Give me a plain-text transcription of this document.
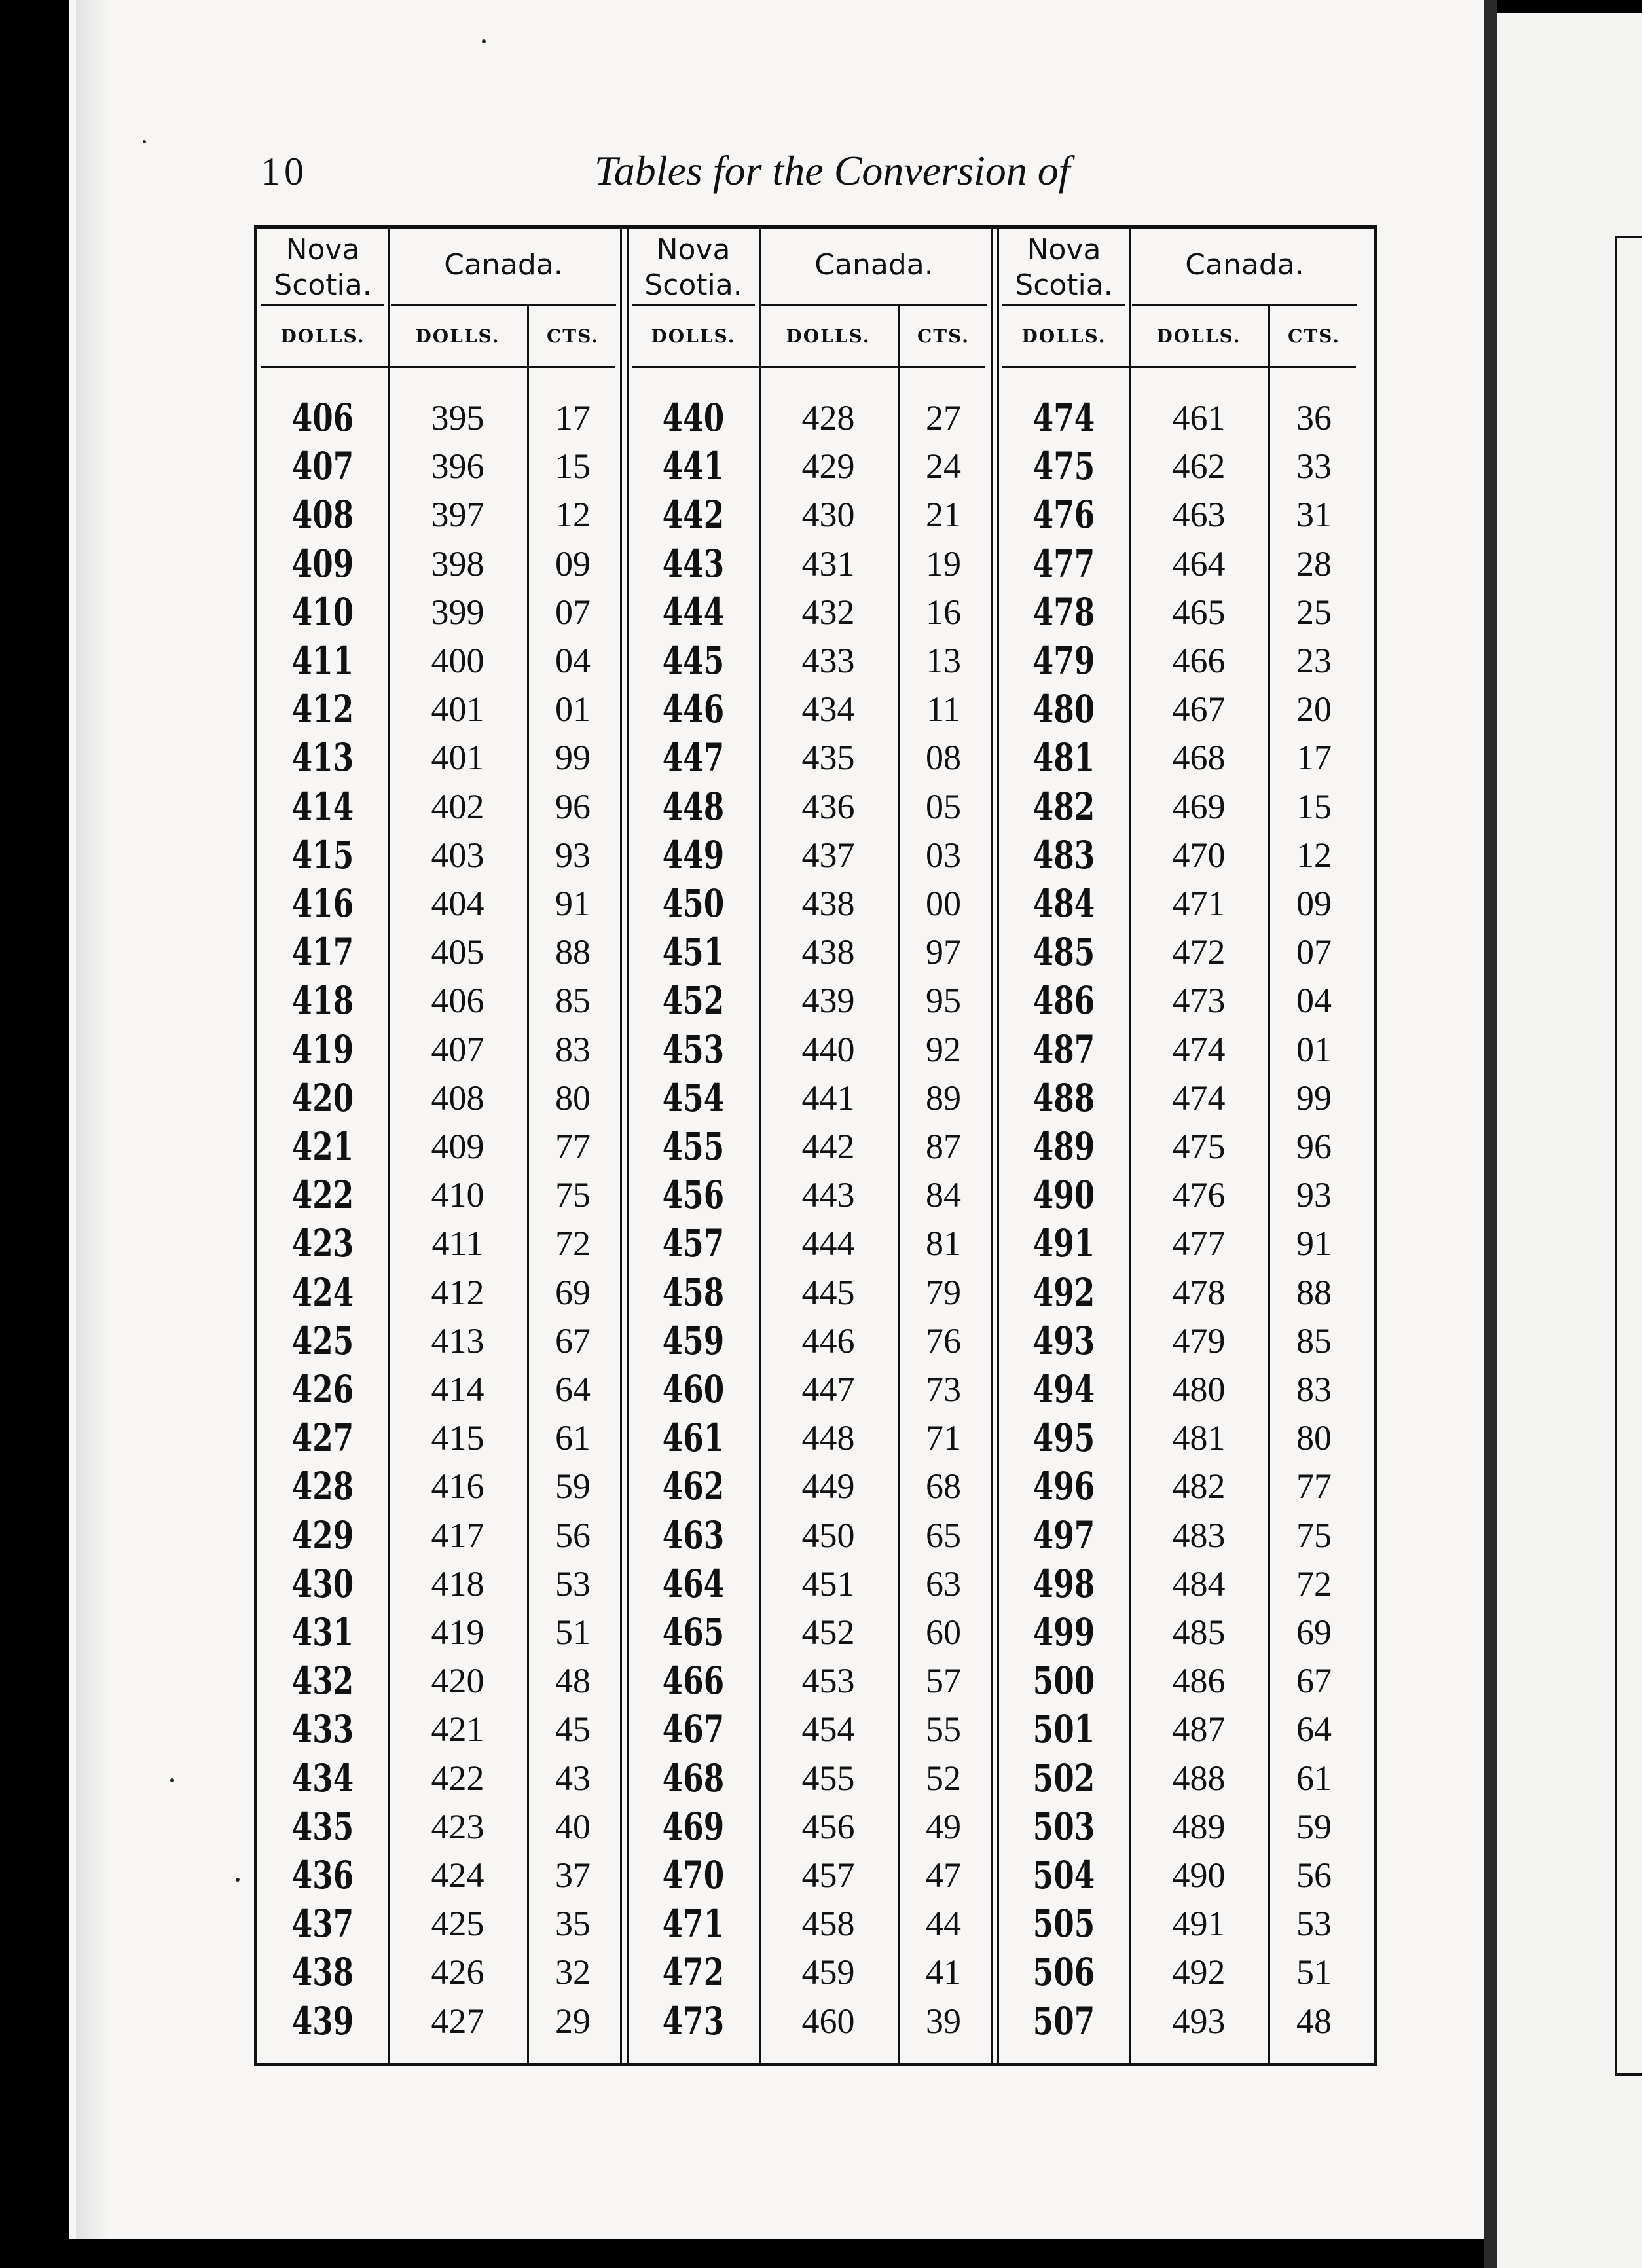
10	Tables for the Conversion of
Nova
Scotia.
Canada.
DOLLS.	DOLLS.	CTS.
Nova
Scotia.
Canada.
DOLLS.	DOLLS.	CTS.
Nova
Scotia.
Canada.
DOLLS.	DOLLS.	CTS.
406	395	17	440	428	27	474	461	36
407	396	15	441	429	24	475	462	33
408	397	12	442	430	21	476	463	31
409	398	09	443	431	19	477	464	28
410	399	07	444	432	16	478	465	25
411	400	04	445	433	13	479	466	23
412	401	01	446	434	11	480	467	20
413	401	99	447	435	08	481	468	17
414	402	96	448	436	05	482	469	15
415	403	93	449	437	03	483	470	12
416	404	91	450	438	00	484	471	09
417	405	88	451	438	97	485	472	07
418	406	85	452	439	95	486	473	04
419	407	83	453	440	92	487	474	01
420	408	80	454	441	89	488	474	99
421	409	77	455	442	87	489	475	96
422	410	75	456	443	84	490	476	93
423	411	72	457	444	81	491	477	91
424	412	69	458	445	79	492	478	88
425	413	67	459	446	76	493	479	85
426	414	64	460	447	73	494	480	83
427	415	61	461	448	71	495	481	80
428	416	59	462	449	68	496	482	77
429	417	56	463	450	65	497	483	75
430	418	53	464	451	63	498	484	72
431	419	51	465	452	60	499	485	69
432	420	48	466	453	57	500	486	67
433	421	45	467	454	55	501	487	64
434	422	43	468	455	52	502	488	61
435	423	40	469	456	49	503	489	59
436	424	37	470	457	47	504	490	56
437	425	35	471	458	44	505	491	53
438	426	32	472	459	41	506	492	51
439	427	29	473	460	39	507	493	48
